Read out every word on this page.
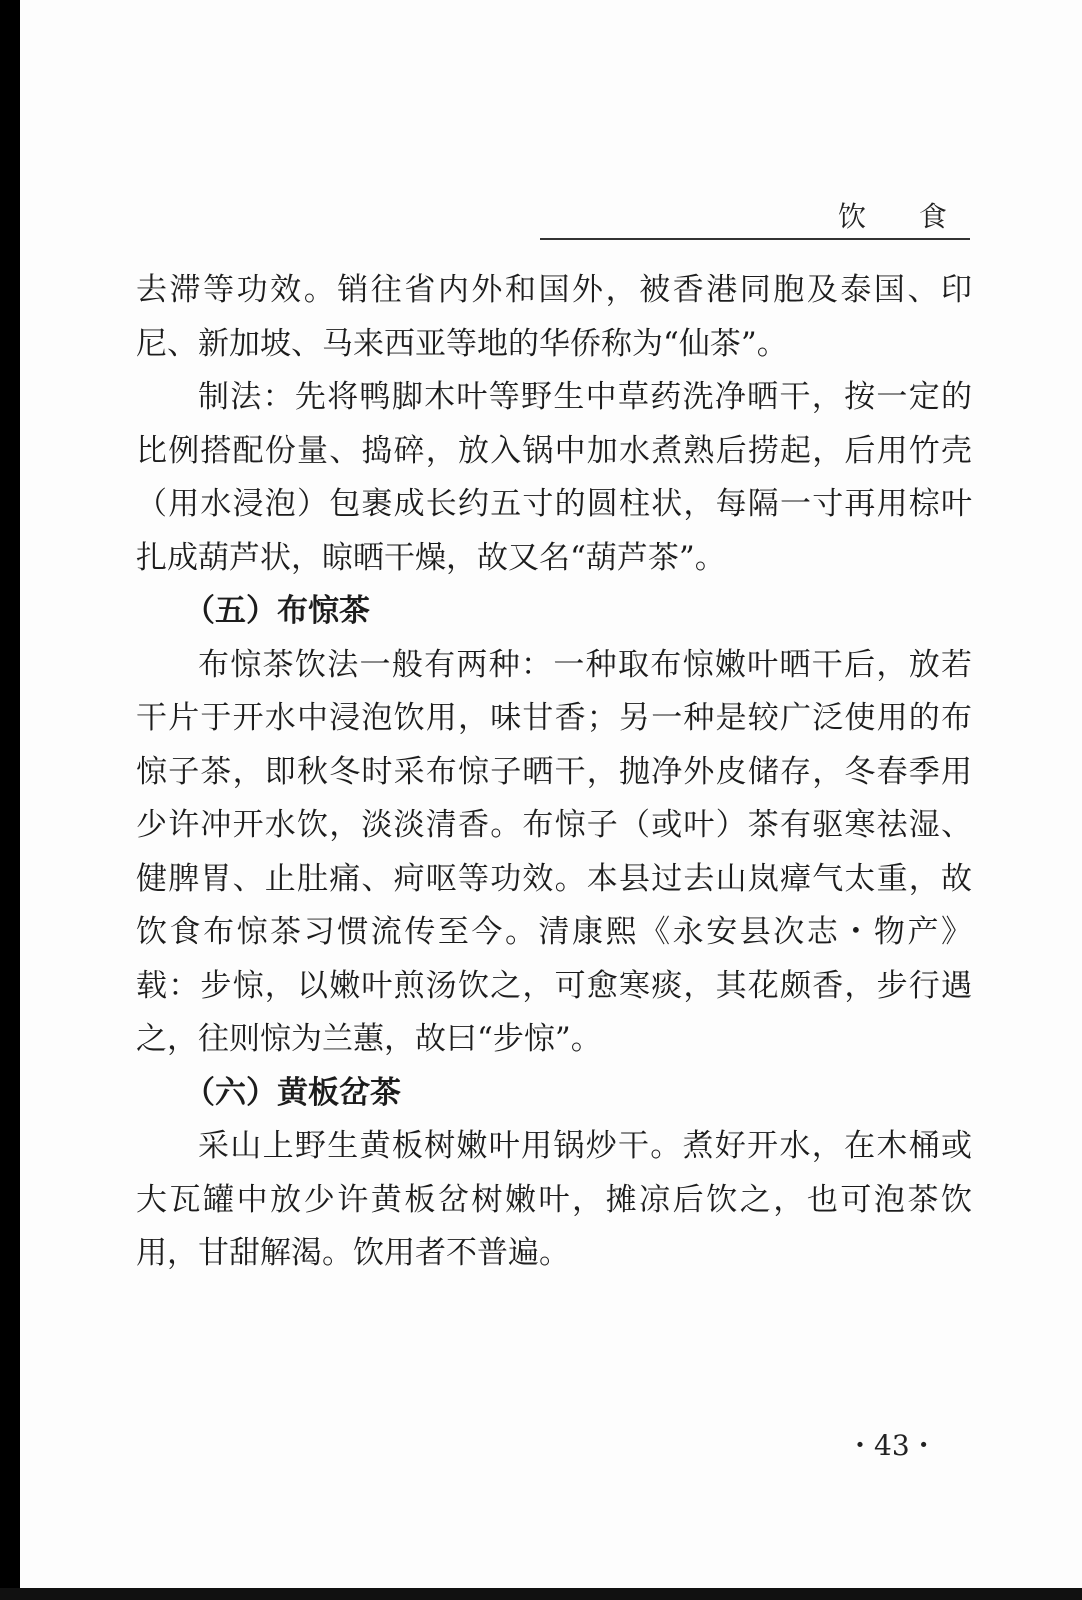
饮 食

去滞等功效。销往省内外和国外，被香港同胞及泰国、印尼、新加坡、马来西亚等地的华侨称为“仙茶”。

制法：先将鸭脚木叶等野生中草药洗净晒干，按一定的比例搭配份量、捣碎，放入锅中加水煮熟后捞起，后用竹壳（用水浸泡）包裹成长约五寸的圆柱状，每隔一寸再用棕叶扎成葫芦状，晾晒干燥，故又名“葫芦茶”。

（五）布惊茶

布惊茶饮法一般有两种：一种取布惊嫩叶晒干后，放若干片于开水中浸泡饮用，味甘香；另一种是较广泛使用的布惊子茶，即秋冬时采布惊子晒干，抛净外皮储存，冬春季用少许冲开水饮，淡淡清香。布惊子（或叶）茶有驱寒祛湿、健脾胃、止肚痛、疴呕等功效。本县过去山岚瘴气太重，故饮食布惊茶习惯流传至今。清康熙《永安县次志・物产》载：步惊，以嫩叶煎汤饮之，可愈寒痰，其花颇香，步行遇之，往则惊为兰蕙，故曰“步惊”。

（六）黄板岔茶

采山上野生黄板树嫩叶用锅炒干。煮好开水，在木桶或大瓦罐中放少许黄板岔树嫩叶，摊凉后饮之，也可泡茶饮用，甘甜解渴。饮用者不普遍。

・43・
